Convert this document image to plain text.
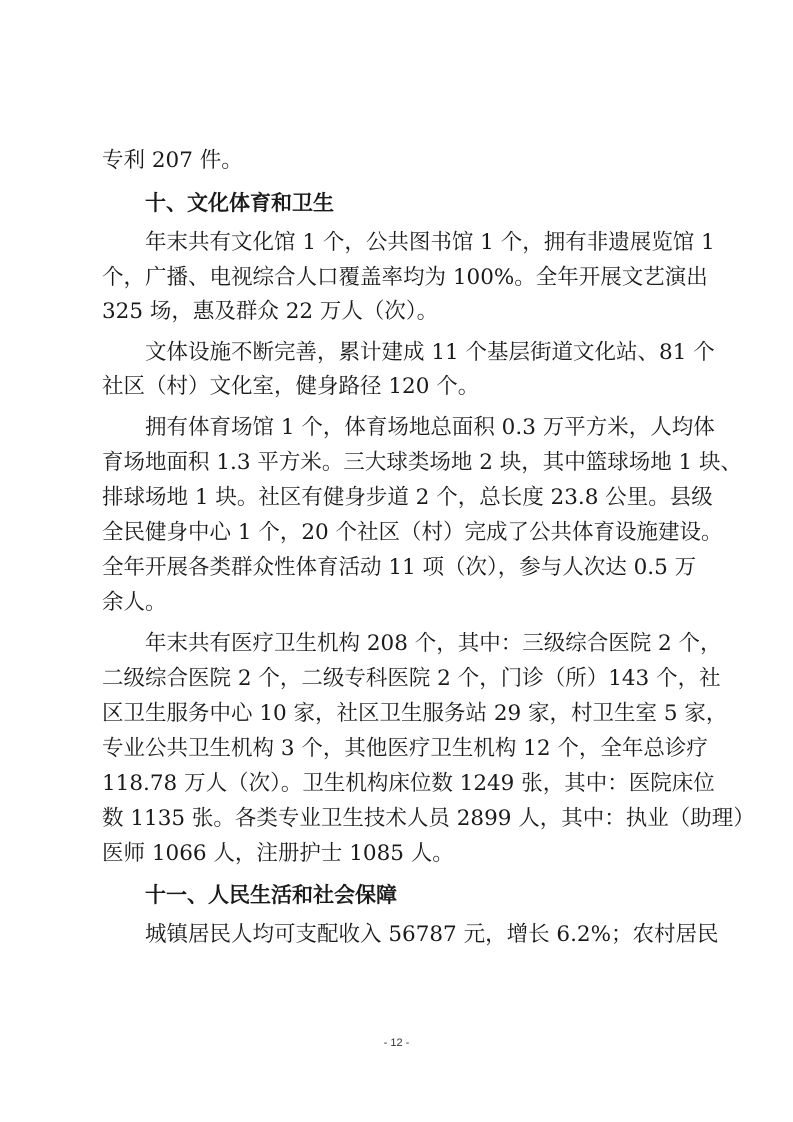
专利 207 件。

十、文化体育和卫生

年末共有文化馆 1 个，公共图书馆 1 个，拥有非遗展览馆 1

个，广播、电视综合人口覆盖率均为 100%。全年开展文艺演出

325 场，惠及群众 22 万人（次）。

文体设施不断完善，累计建成 11 个基层街道文化站、81 个

社区（村）文化室，健身路径 120 个。

拥有体育场馆 1 个，体育场地总面积 0.3 万平方米，人均体

育场地面积 1.3 平方米。三大球类场地 2 块，其中篮球场地 1 块、

排球场地 1 块。社区有健身步道 2 个，总长度 23.8 公里。县级

全民健身中心 1 个，20 个社区（村）完成了公共体育设施建设。

全年开展各类群众性体育活动 11 项（次），参与人次达 0.5 万

余人。

年末共有医疗卫生机构 208 个，其中：三级综合医院 2 个，

二级综合医院 2 个，二级专科医院 2 个，门诊（所）143 个，社

区卫生服务中心 10 家，社区卫生服务站 29 家，村卫生室 5 家，

专业公共卫生机构 3 个，其他医疗卫生机构 12 个，全年总诊疗

118.78 万人（次）。卫生机构床位数 1249 张，其中：医院床位

数 1135 张。各类专业卫生技术人员 2899 人，其中：执业（助理）

医师 1066 人，注册护士 1085 人。

十一、人民生活和社会保障

城镇居民人均可支配收入 56787 元，增长 6.2%；农村居民

- 12 -
